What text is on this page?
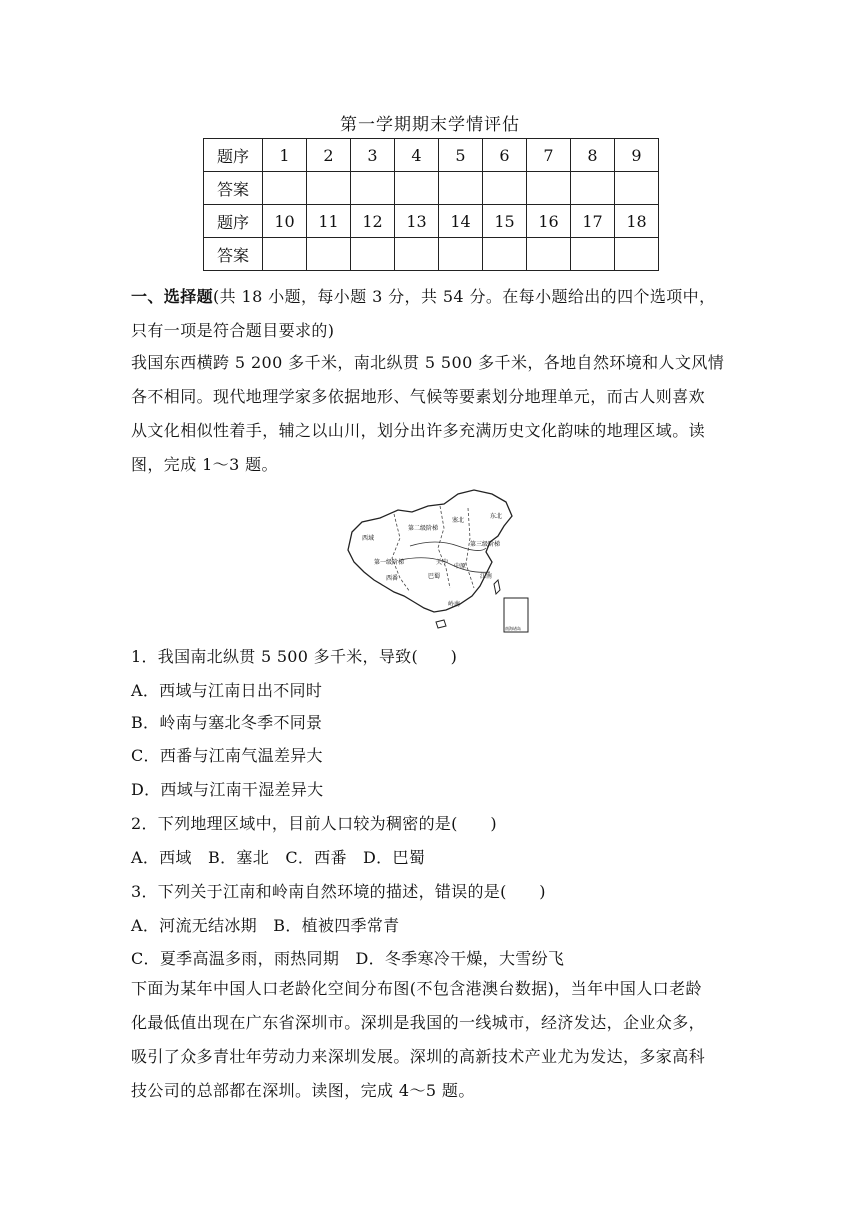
第一学期期末学情评估
题序	1	2	3	4	5	6	7	8	9
答案									
题序	10	11	12	13	14	15	16	17	18
答案									
一、选择题(共 18 小题，每小题 3 分，共 54 分。在每小题给出的四个选项中，
只有一项是符合题目要求的)
我国东西横跨 5 200 多千米，南北纵贯 5 500 多千米，各地自然环境和人文风情
各不相同。现代地理学家多依据地形、气候等要素划分地理单元，而古人则喜欢
从文化相似性着手，辅之以山川，划分出许多充满历史文化韵味的地理区域。读
图，完成 1～3 题。
西域
塞北
西番	江南
巴蜀
岭南
关中
中原
东北
第一级阶梯
第二级阶梯
第三级阶梯
南海诸岛
1．我国南北纵贯 5 500 多千米，导致(　　)
A．西域与江南日出不同时
B．岭南与塞北冬季不同景
C．西番与江南气温差异大
D．西域与江南干湿差异大
2．下列地理区域中，目前人口较为稠密的是(　　)
A．西域　B．塞北　C．西番　D．巴蜀
3．下列关于江南和岭南自然环境的描述，错误的是(　　)
A．河流无结冰期　B．植被四季常青
C．夏季高温多雨，雨热同期　D．冬季寒冷干燥，大雪纷飞
下面为某年中国人口老龄化空间分布图(不包含港澳台数据)，当年中国人口老龄
化最低值出现在广东省深圳市。深圳是我国的一线城市，经济发达，企业众多，
吸引了众多青壮年劳动力来深圳发展。深圳的高新技术产业尤为发达，多家高科
技公司的总部都在深圳。读图，完成 4～5 题。
